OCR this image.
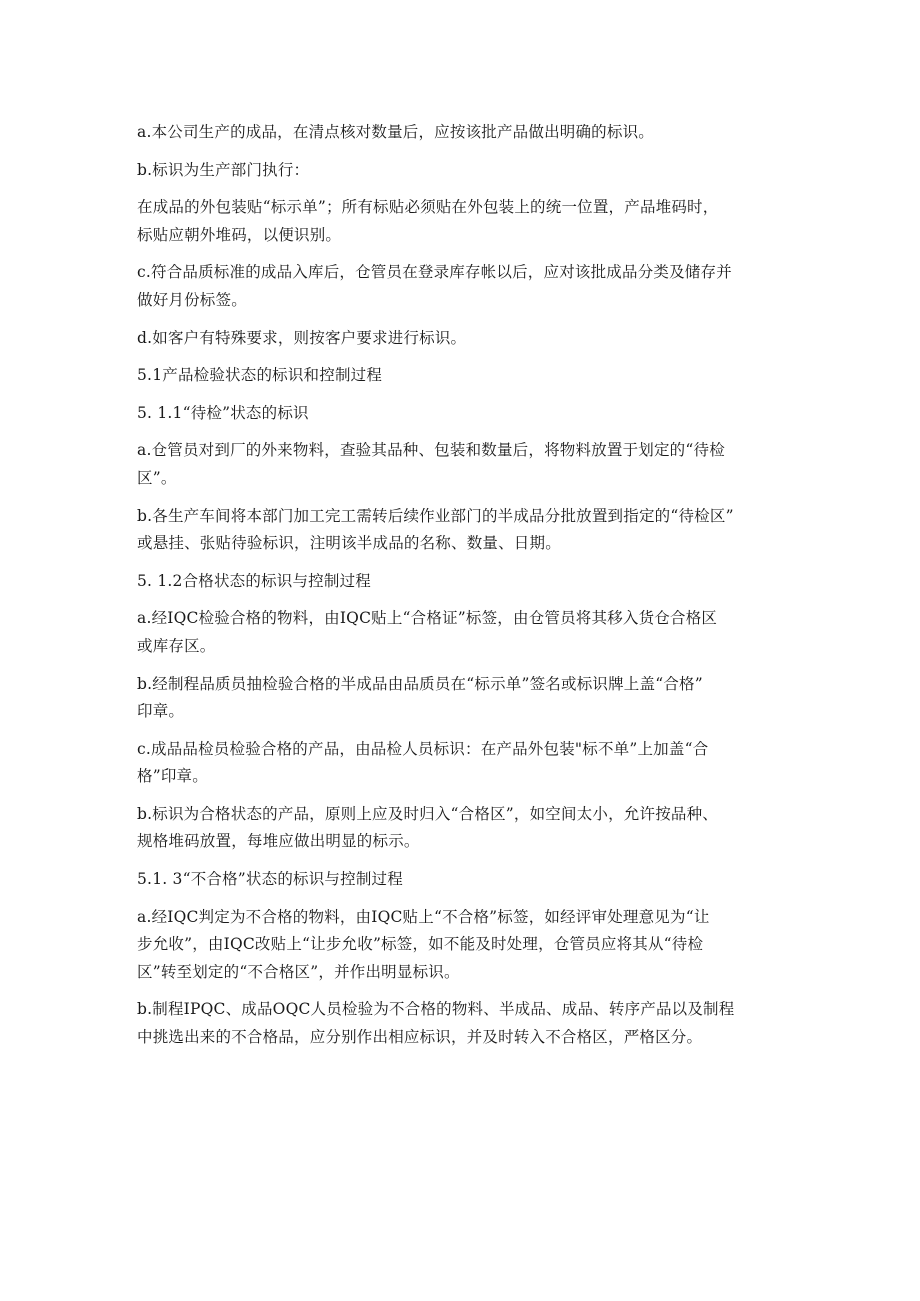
a.本公司生产的成品，在清点核对数量后，应按该批产品做出明确的标识。
b.标识为生产部门执行：
在成品的外包装贴“标示单”；所有标贴必须贴在外包装上的统一位置，产品堆码时，
标贴应朝外堆码，以便识别。
c.符合品质标准的成品入库后，仓管员在登录库存帐以后，应对该批成品分类及储存并
做好月份标签。
d.如客户有特殊要求，则按客户要求进行标识。
5.1产品检验状态的标识和控制过程
5. 1.1“待检”状态的标识
a.仓管员对到厂的外来物料，查验其品种、包装和数量后，将物料放置于划定的“待检
区”。
b.各生产车间将本部门加工完工需转后续作业部门的半成品分批放置到指定的“待检区”
或悬挂、张贴待验标识，注明该半成品的名称、数量、日期。
5. 1.2合格状态的标识与控制过程
a.经IQC检验合格的物料，由IQC贴上“合格证”标签，由仓管员将其移入货仓合格区
或库存区。
b.经制程品质员抽检验合格的半成品由品质员在“标示单”签名或标识牌上盖“合格”
印章。
c.成品品检员检验合格的产品，由品检人员标识：在产品外包装"标不单”上加盖“合
格”印章。
b.标识为合格状态的产品，原则上应及时归入“合格区”，如空间太小，允许按品种、
规格堆码放置，每堆应做出明显的标示。
5.1. 3“不合格”状态的标识与控制过程
a.经IQC判定为不合格的物料，由IQC贴上“不合格”标签，如经评审处理意见为“让
步允收”，由IQC改贴上“让步允收”标签，如不能及时处理，仓管员应将其从“待检
区”转至划定的“不合格区”，并作出明显标识。
b.制程IPQC、成品OQC人员检验为不合格的物料、半成品、成品、转序产品以及制程
中挑选出来的不合格品，应分别作出相应标识，并及时转入不合格区，严格区分。
